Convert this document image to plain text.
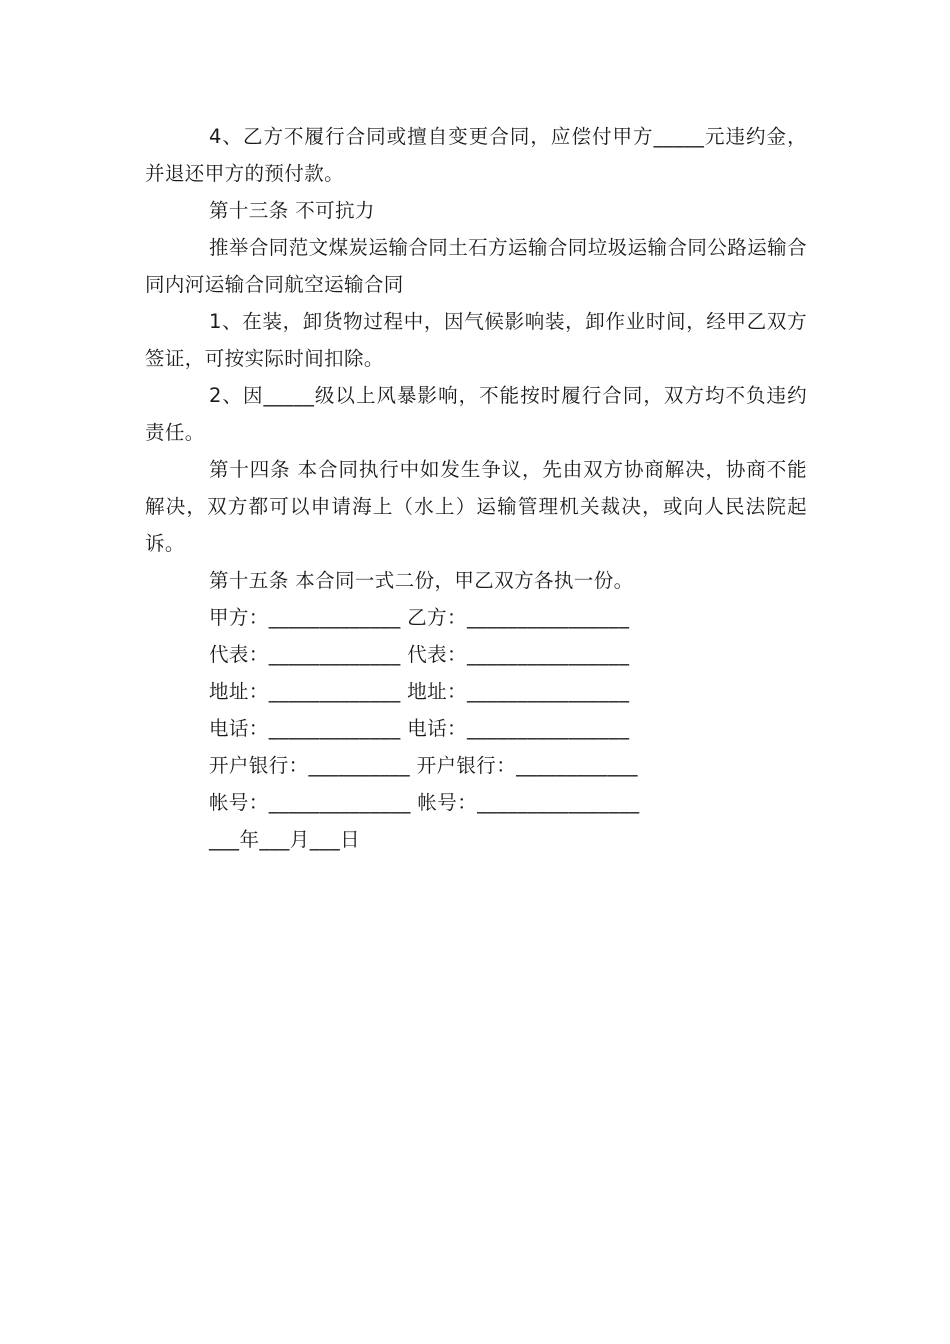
4、乙方不履行合同或擅自变更合同，应偿付甲方_____元违约金，并退还甲方的预付款。

第十三条 不可抗力

推举合同范文煤炭运输合同土石方运输合同垃圾运输合同公路运输合同内河运输合同航空运输合同

1、在装，卸货物过程中，因气候影响装，卸作业时间，经甲乙双方签证，可按实际时间扣除。

2、因_____级以上风暴影响，不能按时履行合同，双方均不负违约责任。

第十四条 本合同执行中如发生争议，先由双方协商解决，协商不能解决，双方都可以申请海上（水上）运输管理机关裁决，或向人民法院起诉。

第十五条 本合同一式二份，甲乙双方各执一份。

甲方：_____________ 乙方：________________
代表：_____________ 代表：________________
地址：_____________ 地址：________________
电话：_____________ 电话：________________
开户银行：__________ 开户银行：____________
帐号：______________ 帐号：________________
___年___月___日
